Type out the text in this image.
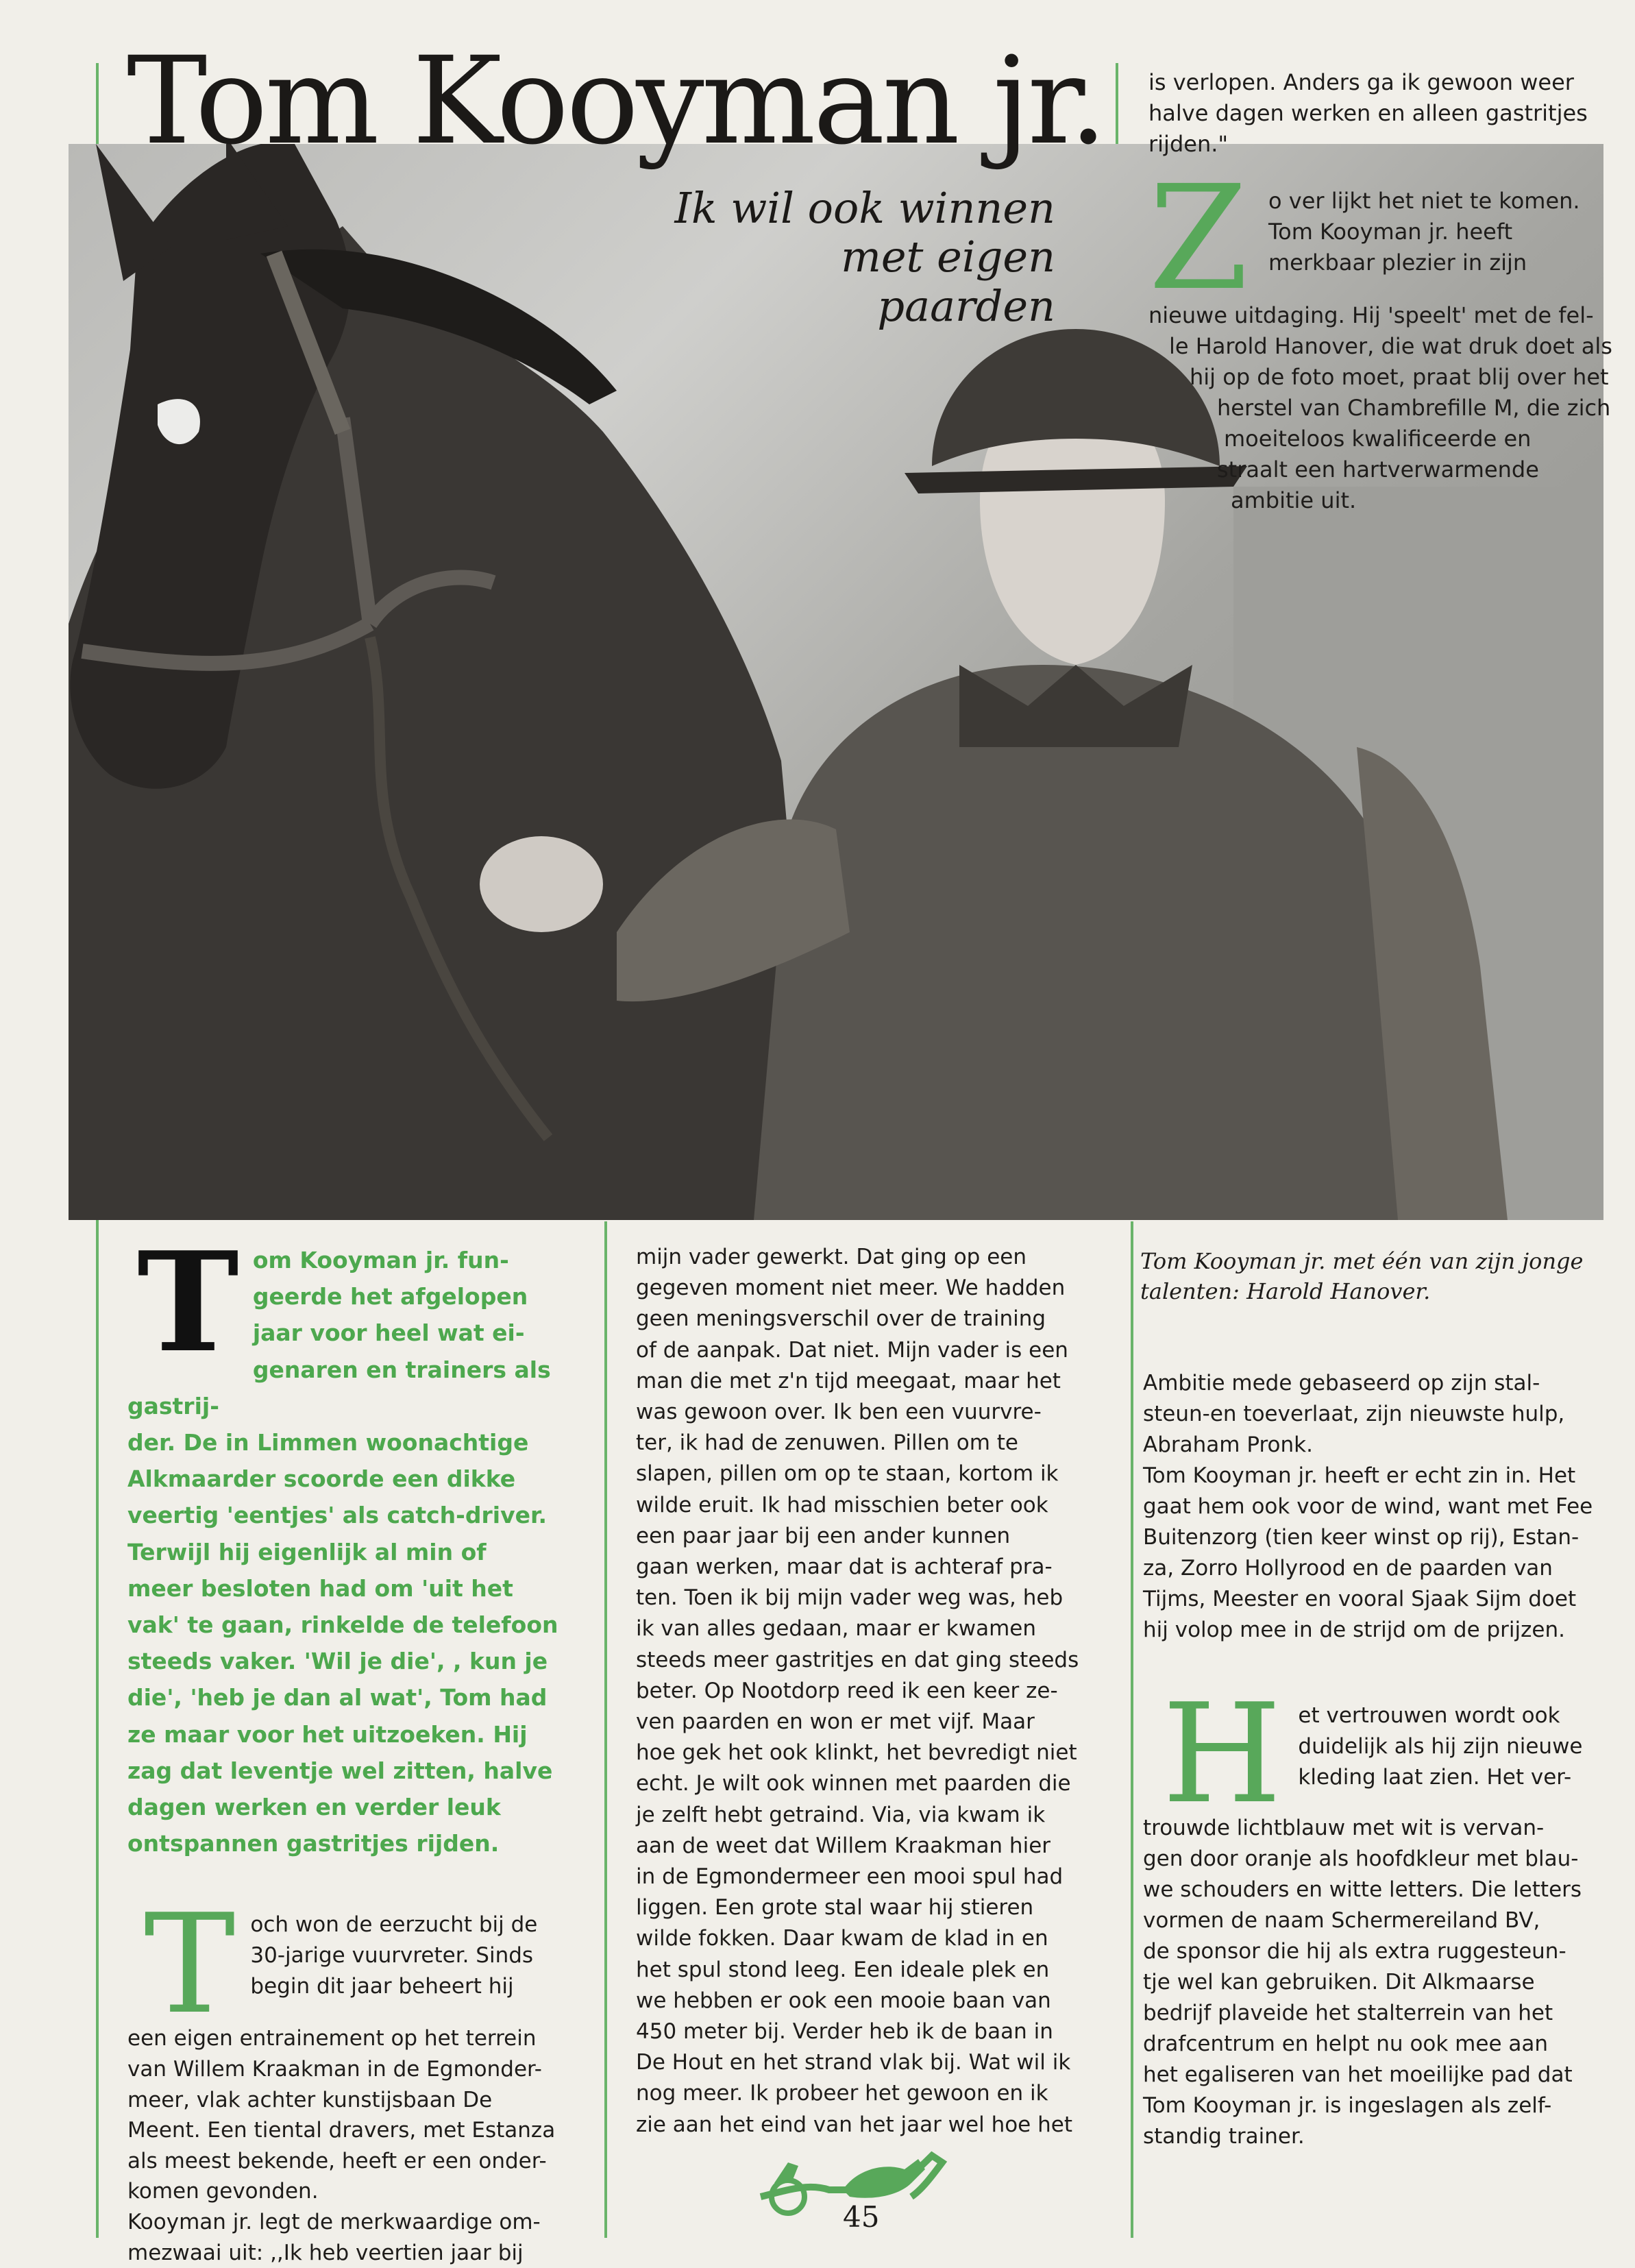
Tom Kooyman jr.
Ik wil ook winnen
met eigen
paarden

is verlopen. Anders ga ik gewoon weer

halve dagen werken en alleen gastritjes

rijden."

Z o ver lijkt het niet te komen.

Tom Kooyman jr. heeft

merkbaar plezier in zijn

nieuwe uitdaging. Hij 'speelt' met de fel-

le Harold Hanover, die wat druk doet als

hij op de foto moet, praat blij over het

herstel van Chambrefille M, die zich

moeiteloos kwalificeerde en

straalt een hartverwarmende

ambitie uit.

Tom Kooyman jr. met één van zijn jonge
talenten: Harold Hanover.
T om Kooyman jr. fun-

geerde het afgelopen

jaar voor heel wat ei-

genaren en trainers als gastrij-

der. De in Limmen woonachtige

Alkmaarder scoorde een dikke

veertig 'eentjes' als catch-driver.

Terwijl hij eigenlijk al min of

meer besloten had om 'uit het

vak' te gaan, rinkelde de telefoon

steeds vaker. 'Wil je die', , kun je

die', 'heb je dan al wat', Tom had

ze maar voor het uitzoeken. Hij

zag dat leventje wel zitten, halve

dagen werken en verder leuk

ontspannen gastritjes rijden.

T och won de eerzucht bij de

30-jarige vuurvreter. Sinds

begin dit jaar beheert hij

een eigen entrainement op het terrein

van Willem Kraakman in de Egmonder-

meer, vlak achter kunstijsbaan De

Meent. Een tiental dravers, met Estanza

als meest bekende, heeft er een onder-

komen gevonden.

Kooyman jr. legt de merkwaardige om-

mezwaai uit: ,,Ik heb veertien jaar bij

mijn vader gewerkt. Dat ging op een

gegeven moment niet meer. We hadden

geen meningsverschil over de training

of de aanpak. Dat niet. Mijn vader is een

man die met z'n tijd meegaat, maar het

was gewoon over. Ik ben een vuurvre-

ter, ik had de zenuwen. Pillen om te

slapen, pillen om op te staan, kortom ik

wilde eruit. Ik had misschien beter ook

een paar jaar bij een ander kunnen

gaan werken, maar dat is achteraf pra-

ten. Toen ik bij mijn vader weg was, heb

ik van alles gedaan, maar er kwamen

steeds meer gastritjes en dat ging steeds

beter. Op Nootdorp reed ik een keer ze-

ven paarden en won er met vijf. Maar

hoe gek het ook klinkt, het bevredigt niet

echt. Je wilt ook winnen met paarden die

je zelft hebt getraind. Via, via kwam ik

aan de weet dat Willem Kraakman hier

in de Egmondermeer een mooi spul had

liggen. Een grote stal waar hij stieren

wilde fokken. Daar kwam de klad in en

het spul stond leeg. Een ideale plek en

we hebben er ook een mooie baan van

450 meter bij. Verder heb ik de baan in

De Hout en het strand vlak bij. Wat wil ik

nog meer. Ik probeer het gewoon en ik

zie aan het eind van het jaar wel hoe het

Ambitie mede gebaseerd op zijn stal-

steun-en toeverlaat, zijn nieuwste hulp,

Abraham Pronk.

Tom Kooyman jr. heeft er echt zin in. Het

gaat hem ook voor de wind, want met Fee

Buitenzorg (tien keer winst op rij), Estan-

za, Zorro Hollyrood en de paarden van

Tijms, Meester en vooral Sjaak Sijm doet

hij volop mee in de strijd om de prijzen.

H et vertrouwen wordt ook

duidelijk als hij zijn nieuwe

kleding laat zien. Het ver-

trouwde lichtblauw met wit is vervan-

gen door oranje als hoofdkleur met blau-

we schouders en witte letters. Die letters

vormen de naam Schermereiland BV,

de sponsor die hij als extra ruggesteun-

tje wel kan gebruiken. Dit Alkmaarse

bedrijf plaveide het stalterrein van het

drafcentrum en helpt nu ook mee aan

het egaliseren van het moeilijke pad dat

Tom Kooyman jr. is ingeslagen als zelf-

standig trainer.

45
